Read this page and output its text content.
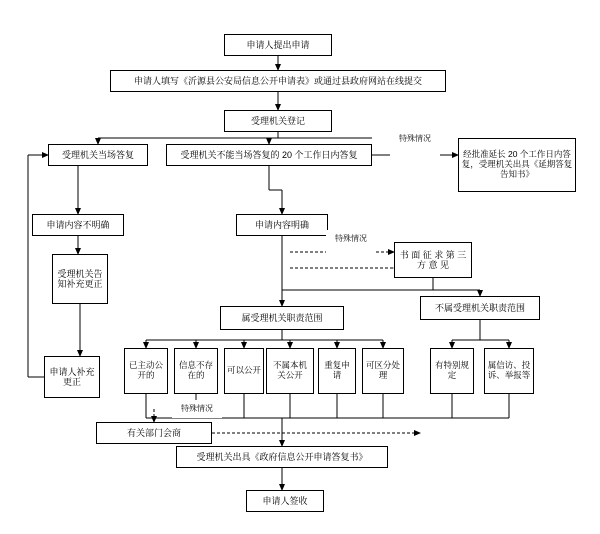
申请人提出申请
申请人填写《沂源县公安局信息公开申请表》或通过县政府网站在线提交
受理机关登记
受理机关当场答复	受理机关不能当场答复的 20 个工作日内答复	经批准延长 20 个工作日内答复，受理机关出具《延期答复告知书》
申请内容不明确	申请内容明确
书 面 征 求 第 三 方 意 见
受理机关告知补充更正
申请人补充更正
属受理机关职责范围
不属受理机关职责范围
已主动公开的
信息不存在的	可以公开	不属本机关公开
重复申请
可区分处理
有特别规定
属信访、投诉、举报等
有关部门会商
受理机关出具《政府信息公开申请答复书》
申请人签收
特殊情况
特殊情况
特殊情况
